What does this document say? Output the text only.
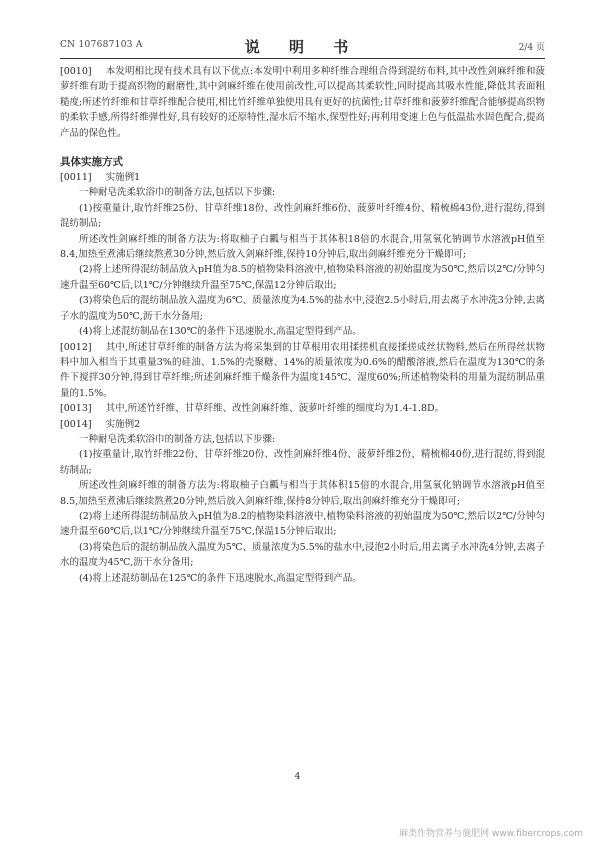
CN 107687103 A	说 明 书	2/4 页

[0010] 本发明相比现有技术具有以下优点:本发明中利用多种纤维合理组合得到混纺布料,其中改性剑麻纤维和菠萝纤维有助于提高织物的耐磨性,其中剑麻纤维在使用前改性,可以提高其柔软性,同时提高其吸水性能,降低其表面粗糙度;所述竹纤维和甘草纤维配合使用,相比竹纤维单独使用具有更好的抗菌性;甘草纤维和菠萝纤维配合能够提高织物的柔软手感,所得纤维弹性好,具有较好的还原特性,湿水后不缩水,保型性好;再利用变速上色与低温盐水固色配合,提高产品的保色性。

具体实施方式

[0011] 实施例1

一种耐皂洗柔软浴巾的制备方法,包括以下步骤:

(1)按重量计,取竹纤维25份、甘草纤维18份、改性剑麻纤维6份、菠萝叶纤维4份、精梳棉43份,进行混纺,得到混纺制品;

所述改性剑麻纤维的制备方法为:将取柚子白瓤与相当于其体积18倍的水混合,用氢氧化钠调节水溶液pH值至8.4,加热至煮沸后继续熬煮30分钟,然后放入剑麻纤维,保持10分钟后,取出剑麻纤维充分干燥即可;

(2)将上述所得混纺制品放入pH值为8.5的植物染料溶液中,植物染料溶液的初始温度为50℃,然后以2℃/分钟匀速升温至60℃后,以1℃/分钟继续升温至75℃,保温12分钟后取出;

(3)将染色后的混纺制品放入温度为6℃、质量浓度为4.5%的盐水中,浸泡2.5小时后,用去离子水冲洗3分钟,去离子水的温度为50℃,沥干水分备用;

(4)将上述混纺制品在130℃的条件下迅速脱水,高温定型得到产品。

[0012] 其中,所述甘草纤维的制备方法为将采集到的甘草根用农用揉搓机直接揉搓成丝状物料,然后在所得丝状物料中加入相当于其重量3%的硅油、1.5%的壳聚糖、14%的质量浓度为0.6%的醋酸溶液,然后在温度为130℃的条件下搅拌30分钟,得到甘草纤维;所述剑麻纤维干燥条件为温度145℃、湿度60%;所述植物染料的用量为混纺制品重量的1.5%。

[0013] 其中,所述竹纤维、甘草纤维、改性剑麻纤维、菠萝叶纤维的细度均为1.4-1.8D。

[0014] 实施例2

一种耐皂洗柔软浴巾的制备方法,包括以下步骤:

(1)按重量计,取竹纤维22份、甘草纤维20份、改性剑麻纤维4份、菠萝纤维2份、精梳棉40份,进行混纺,得到混纺制品;

所述改性剑麻纤维的制备方法为:将取柚子白瓤与相当于其体积15倍的水混合,用氢氧化钠调节水溶液pH值至8.5,加热至煮沸后继续熬煮20分钟,然后放入剑麻纤维,保持8分钟后,取出剑麻纤维充分干燥即可;

(2)将上述所得混纺制品放入pH值为8.2的植物染料溶液中,植物染料溶液的初始温度为50℃,然后以2℃/分钟匀速升温至60℃后,以1℃/分钟继续升温至75℃,保温15分钟后取出;

(3)将染色后的混纺制品放入温度为5℃、质量浓度为5.5%的盐水中,浸泡2小时后,用去离子水冲洗4分钟,去离子水的温度为45℃,沥干水分备用;

(4)将上述混纺制品在125℃的条件下迅速脱水,高温定型得到产品。

4
麻类作物营养与施肥网 www.fibercrops.com
